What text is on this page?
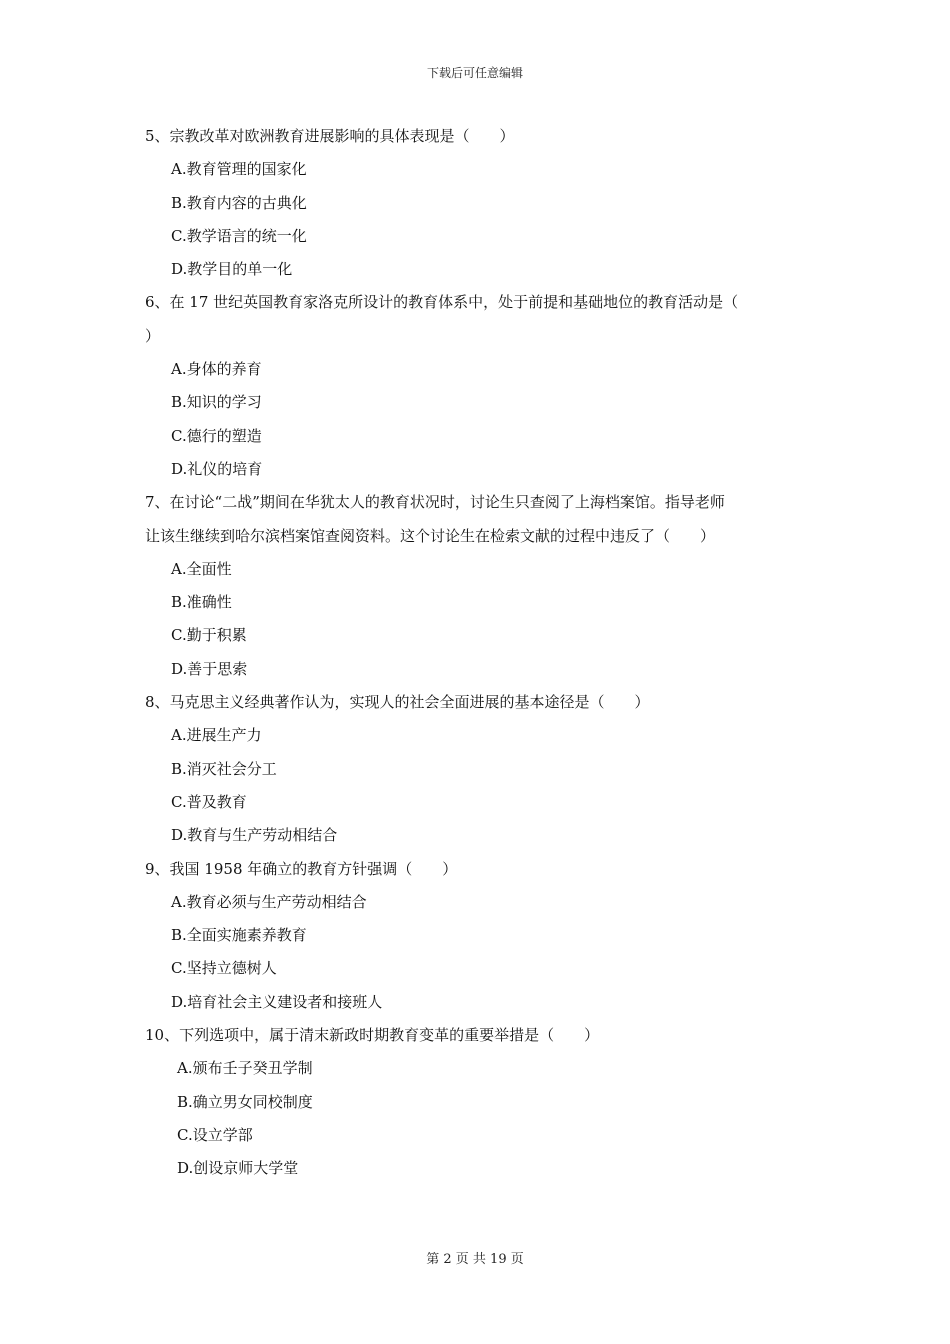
下载后可任意编辑
5、宗教改革对欧洲教育进展影响的具体表现是（　　）
A.教育管理的国家化
B.教育内容的古典化
C.教学语言的统一化
D.教学目的单一化
6、在 17 世纪英国教育家洛克所设计的教育体系中，处于前提和基础地位的教育活动是（
）
A.身体的养育
B.知识的学习
C.德行的塑造
D.礼仪的培育
7、在讨论“二战”期间在华犹太人的教育状况时，讨论生只查阅了上海档案馆。指导老师
让该生继续到哈尔滨档案馆查阅资料。这个讨论生在检索文献的过程中违反了（　　）
A.全面性
B.准确性
C.勤于积累
D.善于思索
8、马克思主义经典著作认为，实现人的社会全面进展的基本途径是（　　）
A.进展生产力
B.消灭社会分工
C.普及教育
D.教育与生产劳动相结合
9、我国 1958 年确立的教育方针强调（　　）
A.教育必须与生产劳动相结合
B.全面实施素养教育
C.坚持立德树人
D.培育社会主义建设者和接班人
10、下列选项中，属于清末新政时期教育变革的重要举措是（　　）
A.颁布壬子癸丑学制
B.确立男女同校制度
C.设立学部
D.创设京师大学堂
第 2 页 共 19 页
